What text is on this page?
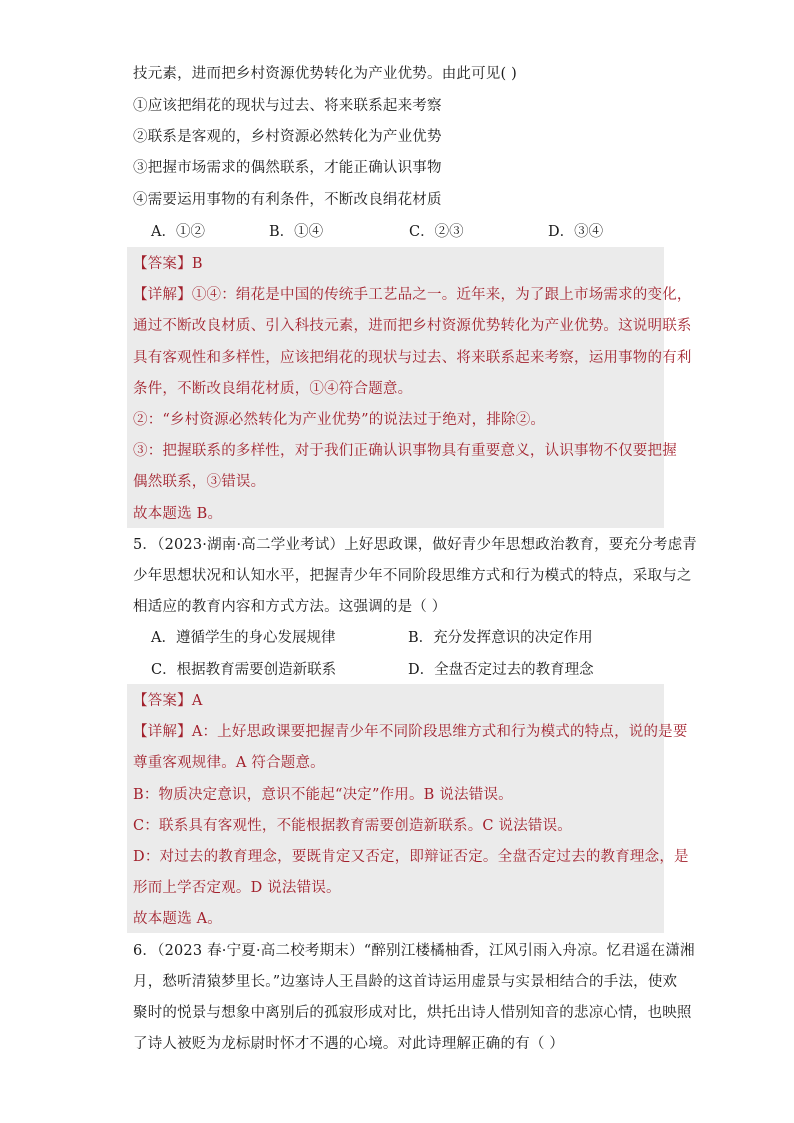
技元素，进而把乡村资源优势转化为产业优势。由此可见( )
①应该把绢花的现状与过去、将来联系起来考察
②联系是客观的，乡村资源必然转化为产业优势
③把握市场需求的偶然联系，才能正确认识事物
④需要运用事物的有利条件，不断改良绢花材质
A．①②	B．①④	C．②③	D．③④
【答案】B
【详解】①④：绢花是中国的传统手工艺品之一。近年来，为了跟上市场需求的变化，
通过不断改良材质、引入科技元素，进而把乡村资源优势转化为产业优势。这说明联系
具有客观性和多样性，应该把绢花的现状与过去、将来联系起来考察，运用事物的有利
条件，不断改良绢花材质，①④符合题意。
②：“乡村资源必然转化为产业优势”的说法过于绝对，排除②。
③：把握联系的多样性，对于我们正确认识事物具有重要意义，认识事物不仅要把握
偶然联系，③错误。
故本题选 B。
5．（2023·湖南·高二学业考试）上好思政课，做好青少年思想政治教育，要充分考虑青
少年思想状况和认知水平，把握青少年不同阶段思维方式和行为模式的特点，采取与之
相适应的教育内容和方式方法。这强调的是（ ）
A．遵循学生的身心发展规律	B．充分发挥意识的决定作用
C．根据教育需要创造新联系	D．全盘否定过去的教育理念
【答案】A
【详解】A：上好思政课要把握青少年不同阶段思维方式和行为模式的特点，说的是要
尊重客观规律。A 符合题意。
B：物质决定意识，意识不能起“决定”作用。B 说法错误。
C：联系具有客观性，不能根据教育需要创造新联系。C 说法错误。
D：对过去的教育理念，要既肯定又否定，即辩证否定。全盘否定过去的教育理念，是
形而上学否定观。D 说法错误。
故本题选 A。
6．（2023 春·宁夏·高二校考期末）“醉别江楼橘柚香，江风引雨入舟凉。忆君遥在潇湘
月，愁听清猿梦里长。”边塞诗人王昌龄的这首诗运用虚景与实景相结合的手法，使欢
聚时的悦景与想象中离别后的孤寂形成对比，烘托出诗人惜别知音的悲凉心情，也映照
了诗人被贬为龙标尉时怀才不遇的心境。对此诗理解正确的有（ ）
